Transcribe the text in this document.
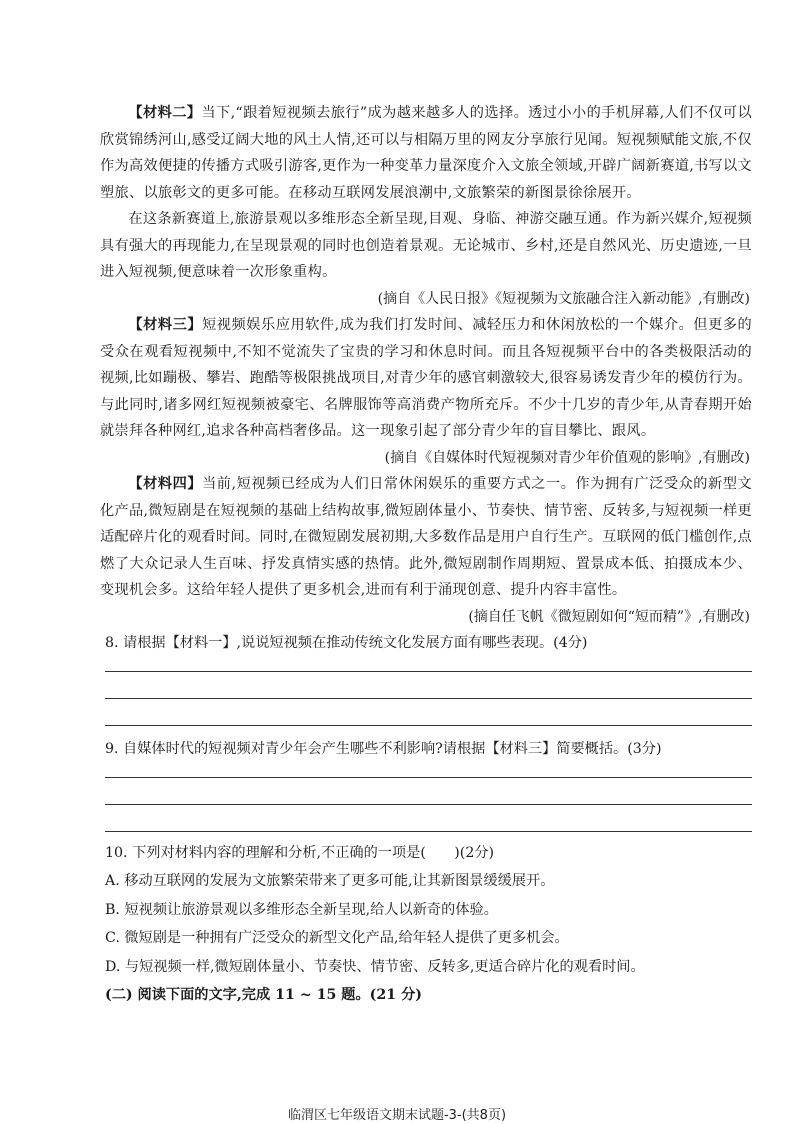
【材料二】当下,“跟着短视频去旅行”成为越来越多人的选择。透过小小的手机屏幕,人们不仅可以欣赏锦绣河山,感受辽阔大地的风土人情,还可以与相隔万里的网友分享旅行见闻。短视频赋能文旅,不仅作为高效便捷的传播方式吸引游客,更作为一种变革力量深度介入文旅全领域,开辟广阔新赛道,书写以文塑旅、以旅彰文的更多可能。在移动互联网发展浪潮中,文旅繁荣的新图景徐徐展开。

在这条新赛道上,旅游景观以多维形态全新呈现,目观、身临、神游交融互通。作为新兴媒介,短视频具有强大的再现能力,在呈现景观的同时也创造着景观。无论城市、乡村,还是自然风光、历史遗迹,一旦进入短视频,便意味着一次形象重构。

(摘自《人民日报》《短视频为文旅融合注入新动能》,有删改)

【材料三】短视频娱乐应用软件,成为我们打发时间、减轻压力和休闲放松的一个媒介。但更多的受众在观看短视频中,不知不觉流失了宝贵的学习和休息时间。而且各短视频平台中的各类极限活动的视频,比如蹦极、攀岩、跑酷等极限挑战项目,对青少年的感官刺激较大,很容易诱发青少年的模仿行为。与此同时,诸多网红短视频被豪宅、名牌服饰等高消费产物所充斥。不少十几岁的青少年,从青春期开始就崇拜各种网红,追求各种高档奢侈品。这一现象引起了部分青少年的盲目攀比、跟风。

(摘自《自媒体时代短视频对青少年价值观的影响》,有删改)

【材料四】当前,短视频已经成为人们日常休闲娱乐的重要方式之一。作为拥有广泛受众的新型文化产品,微短剧是在短视频的基础上结构故事,微短剧体量小、节奏快、情节密、反转多,与短视频一样更适配碎片化的观看时间。同时,在微短剧发展初期,大多数作品是用户自行生产。互联网的低门槛创作,点燃了大众记录人生百味、抒发真情实感的热情。此外,微短剧制作周期短、置景成本低、拍摄成本少、变现机会多。这给年轻人提供了更多机会,进而有利于涌现创意、提升内容丰富性。

(摘自任飞帆《微短剧如何“短而精”》,有删改)

8. 请根据【材料一】,说说短视频在推动传统文化发展方面有哪些表现。(4分)

9. 自媒体时代的短视频对青少年会产生哪些不利影响?请根据【材料三】简要概括。(3分)

10. 下列对材料内容的理解和分析,不正确的一项是(　　)(2分)

A. 移动互联网的发展为文旅繁荣带来了更多可能,让其新图景缓缓展开。

B. 短视频让旅游景观以多维形态全新呈现,给人以新奇的体验。

C. 微短剧是一种拥有广泛受众的新型文化产品,给年轻人提供了更多机会。

D. 与短视频一样,微短剧体量小、节奏快、情节密、反转多,更适合碎片化的观看时间。

(二) 阅读下面的文字,完成 11 ~ 15 题。(21 分)

临渭区七年级语文期末试题-3-(共8页)
